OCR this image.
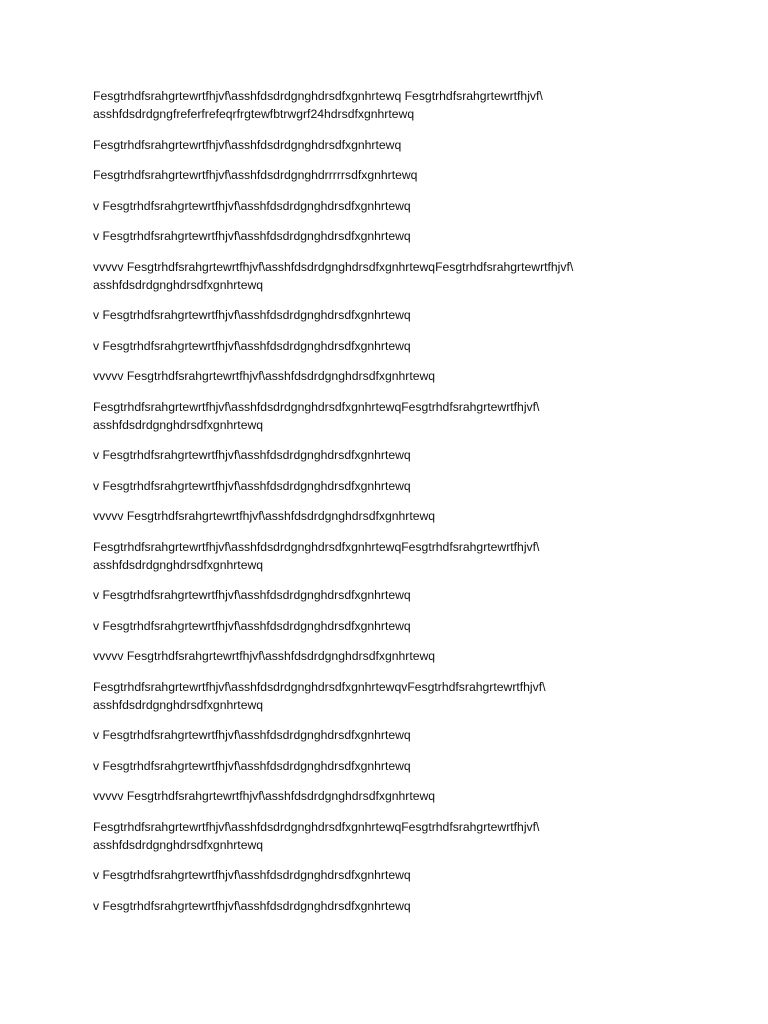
Fesgtrhdfsrahgrtewrtfhjvf\asshfdsdrdgnghdrsdfxgnhrtewq Fesgtrhdfsrahgrtewrtfhjvf\
asshfdsdrdgngfreferfrefeqrfrgtewfbtrwgrf24hdrsdfxgnhrtewq

Fesgtrhdfsrahgrtewrtfhjvf\asshfdsdrdgnghdrsdfxgnhrtewq

Fesgtrhdfsrahgrtewrtfhjvf\asshfdsdrdgnghdrrrrrsdfxgnhrtewq

v Fesgtrhdfsrahgrtewrtfhjvf\asshfdsdrdgnghdrsdfxgnhrtewq

v Fesgtrhdfsrahgrtewrtfhjvf\asshfdsdrdgnghdrsdfxgnhrtewq

vvvvv Fesgtrhdfsrahgrtewrtfhjvf\asshfdsdrdgnghdrsdfxgnhrtewqFesgtrhdfsrahgrtewrtfhjvf\
asshfdsdrdgnghdrsdfxgnhrtewq

v Fesgtrhdfsrahgrtewrtfhjvf\asshfdsdrdgnghdrsdfxgnhrtewq

v Fesgtrhdfsrahgrtewrtfhjvf\asshfdsdrdgnghdrsdfxgnhrtewq

vvvvv Fesgtrhdfsrahgrtewrtfhjvf\asshfdsdrdgnghdrsdfxgnhrtewq

Fesgtrhdfsrahgrtewrtfhjvf\asshfdsdrdgnghdrsdfxgnhrtewqFesgtrhdfsrahgrtewrtfhjvf\
asshfdsdrdgnghdrsdfxgnhrtewq

v Fesgtrhdfsrahgrtewrtfhjvf\asshfdsdrdgnghdrsdfxgnhrtewq

v Fesgtrhdfsrahgrtewrtfhjvf\asshfdsdrdgnghdrsdfxgnhrtewq

vvvvv Fesgtrhdfsrahgrtewrtfhjvf\asshfdsdrdgnghdrsdfxgnhrtewq

Fesgtrhdfsrahgrtewrtfhjvf\asshfdsdrdgnghdrsdfxgnhrtewqFesgtrhdfsrahgrtewrtfhjvf\
asshfdsdrdgnghdrsdfxgnhrtewq

v Fesgtrhdfsrahgrtewrtfhjvf\asshfdsdrdgnghdrsdfxgnhrtewq

v Fesgtrhdfsrahgrtewrtfhjvf\asshfdsdrdgnghdrsdfxgnhrtewq

vvvvv Fesgtrhdfsrahgrtewrtfhjvf\asshfdsdrdgnghdrsdfxgnhrtewq

Fesgtrhdfsrahgrtewrtfhjvf\asshfdsdrdgnghdrsdfxgnhrtewqvFesgtrhdfsrahgrtewrtfhjvf\
asshfdsdrdgnghdrsdfxgnhrtewq

v Fesgtrhdfsrahgrtewrtfhjvf\asshfdsdrdgnghdrsdfxgnhrtewq

v Fesgtrhdfsrahgrtewrtfhjvf\asshfdsdrdgnghdrsdfxgnhrtewq

vvvvv Fesgtrhdfsrahgrtewrtfhjvf\asshfdsdrdgnghdrsdfxgnhrtewq

Fesgtrhdfsrahgrtewrtfhjvf\asshfdsdrdgnghdrsdfxgnhrtewqFesgtrhdfsrahgrtewrtfhjvf\
asshfdsdrdgnghdrsdfxgnhrtewq

v Fesgtrhdfsrahgrtewrtfhjvf\asshfdsdrdgnghdrsdfxgnhrtewq

v Fesgtrhdfsrahgrtewrtfhjvf\asshfdsdrdgnghdrsdfxgnhrtewq
